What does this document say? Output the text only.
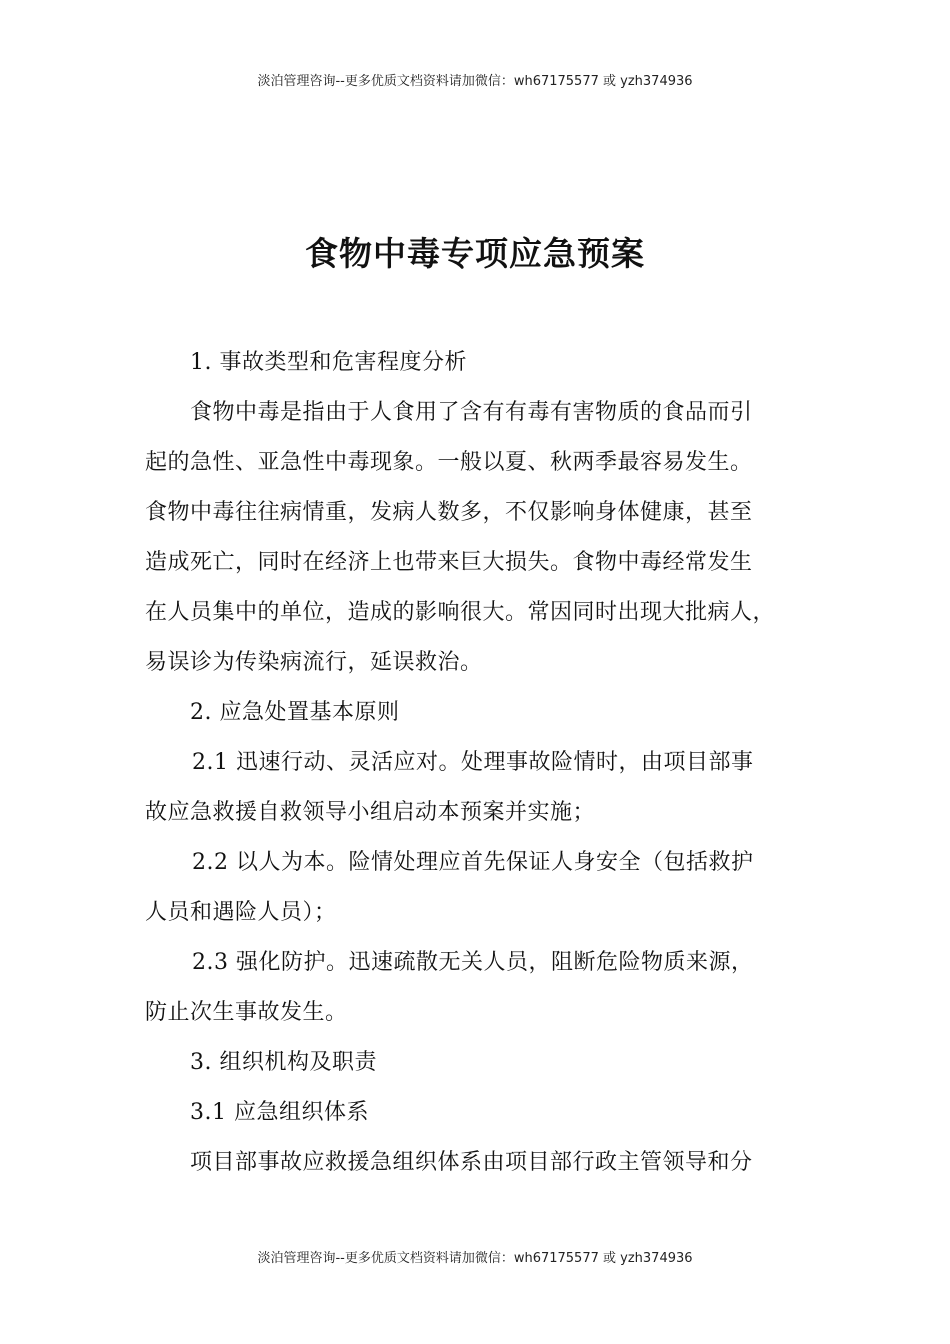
淡泊管理咨询--更多优质文档资料请加微信：wh67175577 或 yzh374936
食物中毒专项应急预案
1. 事故类型和危害程度分析
食物中毒是指由于人食用了含有有毒有害物质的食品而引
起的急性、亚急性中毒现象。一般以夏、秋两季最容易发生。
食物中毒往往病情重，发病人数多，不仅影响身体健康，甚至
造成死亡，同时在经济上也带来巨大损失。食物中毒经常发生
在人员集中的单位，造成的影响很大。常因同时出现大批病人，
易误诊为传染病流行，延误救治。
2. 应急处置基本原则
2.1 迅速行动、灵活应对。处理事故险情时，由项目部事
故应急救援自救领导小组启动本预案并实施；
2.2 以人为本。险情处理应首先保证人身安全（包括救护
人员和遇险人员）；
2.3 强化防护。迅速疏散无关人员，阻断危险物质来源，
防止次生事故发生。
3. 组织机构及职责
3.1 应急组织体系
项目部事故应救援急组织体系由项目部行政主管领导和分
淡泊管理咨询--更多优质文档资料请加微信：wh67175577 或 yzh374936
